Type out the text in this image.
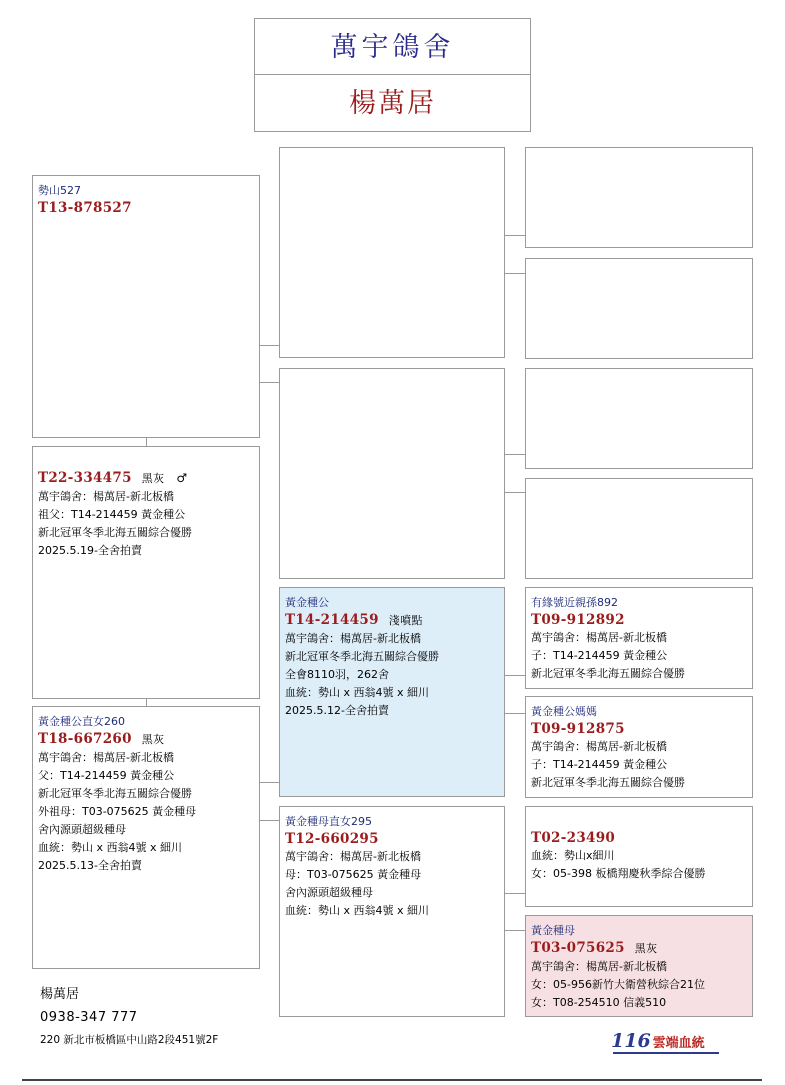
萬宇鴿舍
楊萬居
勢山527
T13-878527
T22-334475 黑灰 ♂
萬宇鴿舍：楊萬居-新北板橋
祖父：T14-214459 黃金種公
新北冠軍冬季北海五關綜合優勝
2025.5.19-全舍拍賣
黃金種公直女260
T18-667260 黑灰
萬宇鴿舍：楊萬居-新北板橋
父：T14-214459 黃金種公
新北冠軍冬季北海五關綜合優勝
外祖母：T03-075625 黃金種母
舍內源頭超級種母
血統：勢山 x 西翁4號 x 細川
2025.5.13-全舍拍賣
黃金種公
T14-214459 淺噴點
萬宇鴿舍：楊萬居-新北板橋
新北冠軍冬季北海五關綜合優勝
全會8110羽，262舍
血統：勢山 x 西翁4號 x 細川
2025.5.12-全舍拍賣
黃金種母直女295
T12-660295
萬宇鴿舍：楊萬居-新北板橋
母：T03-075625 黃金種母
舍內源頭超級種母
血統：勢山 x 西翁4號 x 細川
有緣號近親孫892
T09-912892
萬宇鴿舍：楊萬居-新北板橋
子：T14-214459 黃金種公
新北冠軍冬季北海五關綜合優勝
黃金種公媽媽
T09-912875
萬宇鴿舍：楊萬居-新北板橋
子：T14-214459 黃金種公
新北冠軍冬季北海五關綜合優勝
T02-23490
血統：勢山x細川
女：05-398 板橋翔慶秋季綜合優勝
黃金種母
T03-075625 黑灰
萬宇鴿舍：楊萬居-新北板橋
女：05-956新竹大衛營秋綜合21位
女：T08-254510 信義510
楊萬居
0938-347 777
220 新北市板橋區中山路2段451號2F	116 雲端血統
